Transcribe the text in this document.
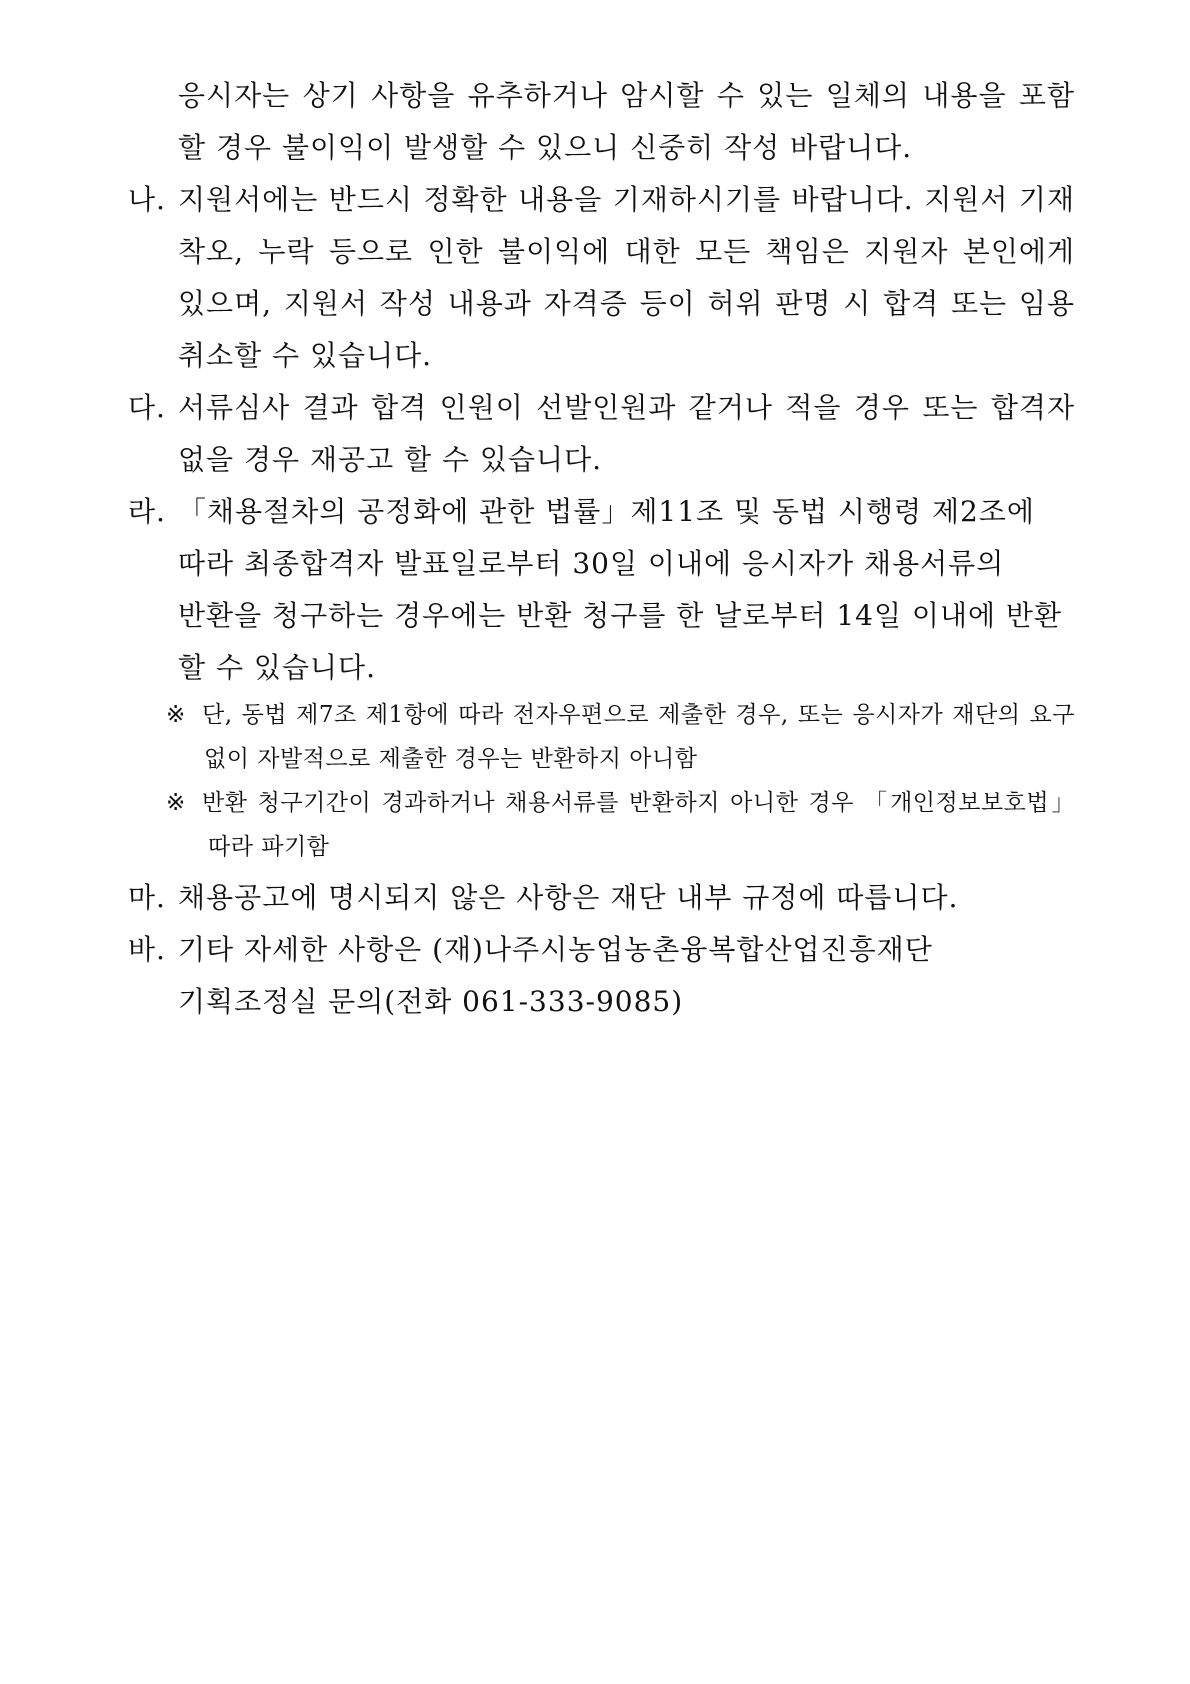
응시자는 상기 사항을 유추하거나 암시할 수 있는 일체의 내용을 포함
할 경우 불이익이 발생할 수 있으니 신중히 작성 바랍니다.
나. 지원서에는 반드시 정확한 내용을 기재하시기를 바랍니다. 지원서 기재
착오, 누락 등으로 인한 불이익에 대한 모든 책임은 지원자 본인에게
있으며, 지원서 작성 내용과 자격증 등이 허위 판명 시 합격 또는 임용
취소할 수 있습니다.
다. 서류심사 결과 합격 인원이 선발인원과 같거나 적을 경우 또는 합격자
없을 경우 재공고 할 수 있습니다.
라. 「채용절차의 공정화에 관한 법률」제11조 및 동법 시행령 제2조에
따라 최종합격자 발표일로부터 30일 이내에 응시자가 채용서류의
반환을 청구하는 경우에는 반환 청구를 한 날로부터 14일 이내에 반환
할 수 있습니다.
※ 단, 동법 제7조 제1항에 따라 전자우편으로 제출한 경우, 또는 응시자가 재단의 요구
없이 자발적으로 제출한 경우는 반환하지 아니함
※ 반환 청구기간이 경과하거나 채용서류를 반환하지 아니한 경우 「개인정보보호법」
따라 파기함
마. 채용공고에 명시되지 않은 사항은 재단 내부 규정에 따릅니다.
바. 기타 자세한 사항은 (재)나주시농업농촌융복합산업진흥재단
기획조정실 문의(전화 061-333-9085)
